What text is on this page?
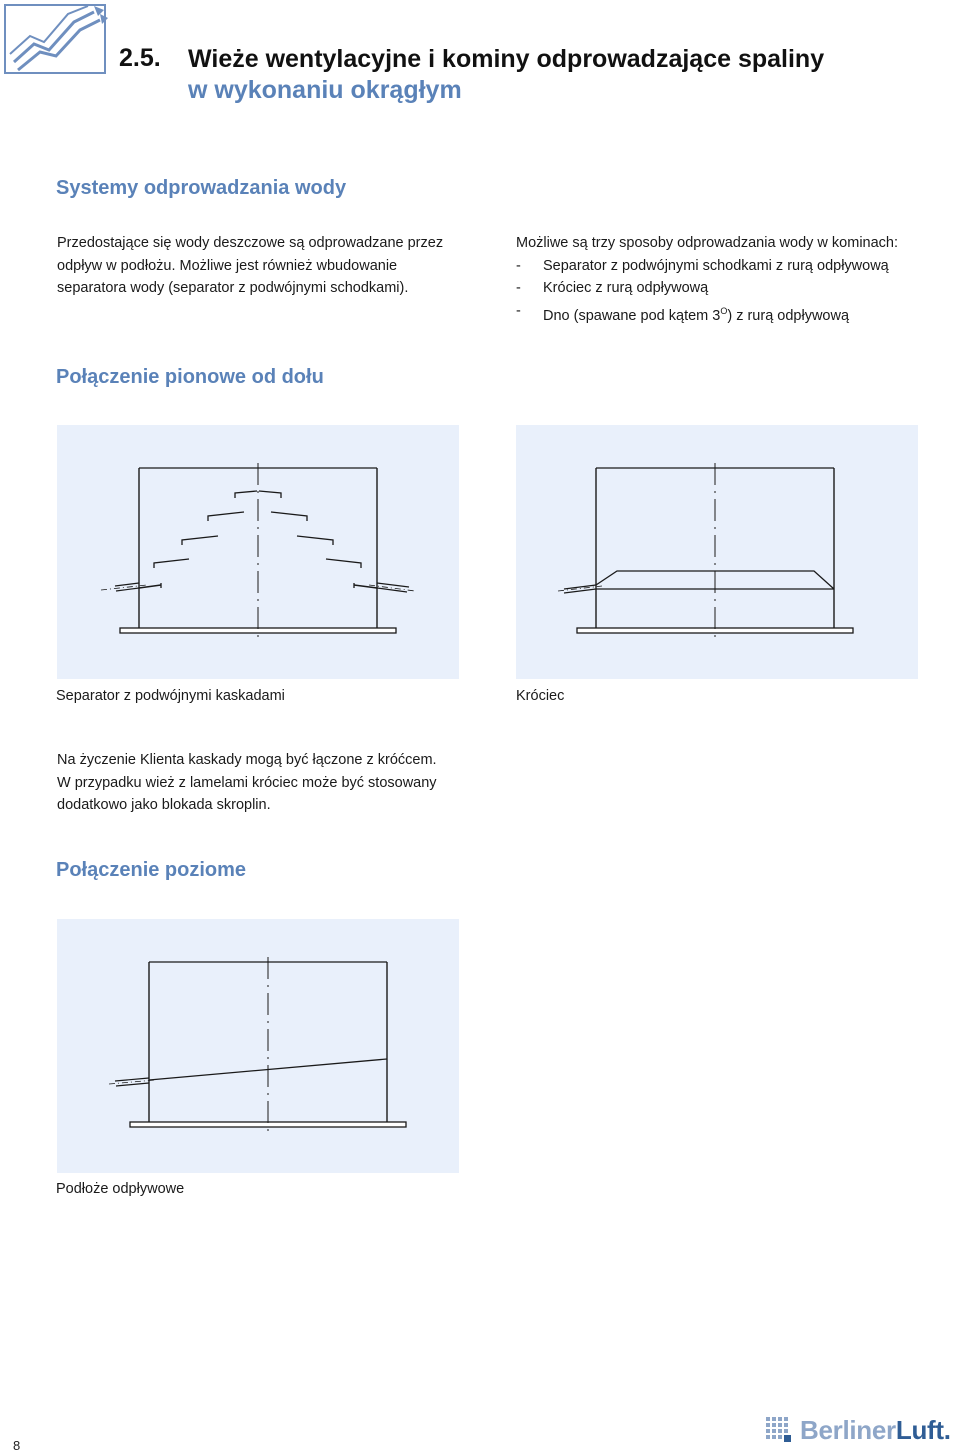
2.5. Wieże wentylacyjne i kominy odprowadzające spaliny
w wykonaniu okrągłym
Systemy odprowadzania wody
Przedostające się wody deszczowe są odprowadzane przez
odpływ w podłożu. Możliwe jest również wbudowanie
separatora wody (separator z podwójnymi schodkami).
Możliwe są trzy sposoby odprowadzania wody w kominach:
- Separator z podwójnymi schodkami z rurą odpływową
- Króciec z rurą odpływową
- Dno (spawane pod kątem $3^O$) z rurą odpływową
Połączenie pionowe od dołu
Separator z podwójnymi kaskadami	Króciec
Na życzenie Klienta kaskady mogą być łączone z króćcem.
W przypadku wież z lamelami króciec może być stosowany
dodatkowo jako blokada skroplin.
Połączenie poziome
Podłoże odpływowe
8
BerlinerLuft.
